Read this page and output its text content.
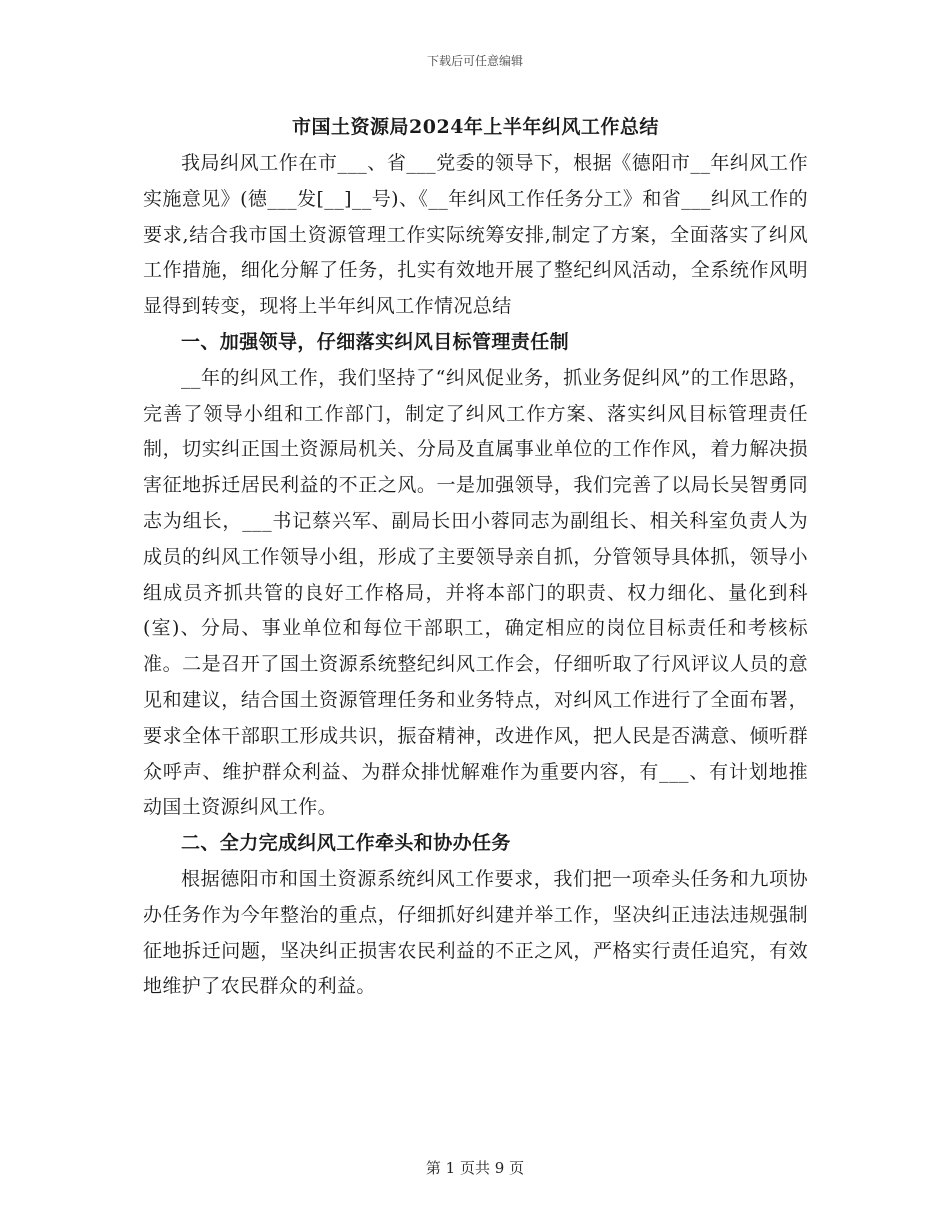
下载后可任意编辑
市国土资源局2024年上半年纠风工作总结

我局纠风工作在市___、省___党委的领导下，根据《德阳市__年纠风工作实施意见》(德___发[__]__号)、《__年纠风工作任务分工》和省___纠风工作的要求,结合我市国土资源管理工作实际统筹安排,制定了方案，全面落实了纠风工作措施，细化分解了任务，扎实有效地开展了整纪纠风活动，全系统作风明显得到转变，现将上半年纠风工作情况总结

一、加强领导，仔细落实纠风目标管理责任制

__年的纠风工作，我们坚持了“纠风促业务，抓业务促纠风”的工作思路，完善了领导小组和工作部门，制定了纠风工作方案、落实纠风目标管理责任制，切实纠正国土资源局机关、分局及直属事业单位的工作作风，着力解决损害征地拆迁居民利益的不正之风。一是加强领导，我们完善了以局长吴智勇同志为组长，___书记蔡兴军、副局长田小蓉同志为副组长、相关科室负责人为成员的纠风工作领导小组，形成了主要领导亲自抓，分管领导具体抓，领导小组成员齐抓共管的良好工作格局，并将本部门的职责、权力细化、量化到科(室)、分局、事业单位和每位干部职工，确定相应的岗位目标责任和考核标准。二是召开了国土资源系统整纪纠风工作会，仔细听取了行风评议人员的意见和建议，结合国土资源管理任务和业务特点，对纠风工作进行了全面布署，要求全体干部职工形成共识，振奋精神，改进作风，把人民是否满意、倾听群众呼声、维护群众利益、为群众排忧解难作为重要内容，有___、有计划地推动国土资源纠风工作。

二、全力完成纠风工作牵头和协办任务

根据德阳市和国土资源系统纠风工作要求，我们把一项牵头任务和九项协办任务作为今年整治的重点，仔细抓好纠建并举工作，坚决纠正违法违规强制征地拆迁问题，坚决纠正损害农民利益的不正之风，严格实行责任追究，有效地维护了农民群众的利益。

第 1 页共 9 页
